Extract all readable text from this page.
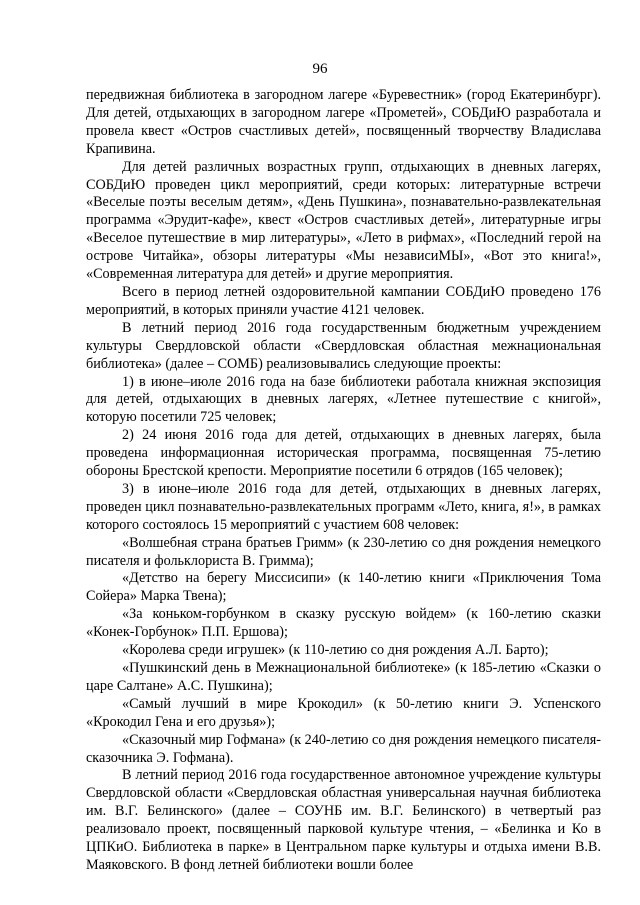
96

передвижная библиотека в загородном лагере «Буревестник» (город Екатеринбург). Для детей, отдыхающих в загородном лагере «Прометей», СОБДиЮ разработала и провела квест «Остров счастливых детей», посвященный творчеству Владислава Крапивина.

Для детей различных возрастных групп, отдыхающих в дневных лагерях, СОБДиЮ проведен цикл мероприятий, среди которых: литературные встречи «Веселые поэты веселым детям», «День Пушкина», познавательно-развлекательная программа «Эрудит-кафе», квест «Остров счастливых детей», литературные игры «Веселое путешествие в мир литературы», «Лето в рифмах», «Последний герой на острове Читайка», обзоры литературы «Мы независиМЫ», «Вот это книга!», «Современная литература для детей» и другие мероприятия.

Всего в период летней оздоровительной кампании СОБДиЮ проведено 176 мероприятий, в которых приняли участие 4121 человек.

В летний период 2016 года государственным бюджетным учреждением культуры Свердловской области «Свердловская областная межнациональная библиотека» (далее – СОМБ) реализовывались следующие проекты:

1) в июне–июле 2016 года на базе библиотеки работала книжная экспозиция для детей, отдыхающих в дневных лагерях, «Летнее путешествие с книгой», которую посетили 725 человек;

2) 24 июня 2016 года для детей, отдыхающих в дневных лагерях, была проведена информационная историческая программа, посвященная 75-летию обороны Брестской крепости. Мероприятие посетили 6 отрядов (165 человек);

3) в июне–июле 2016 года для детей, отдыхающих в дневных лагерях, проведен цикл познавательно-развлекательных программ «Лето, книга, я!», в рамках которого состоялось 15 мероприятий с участием 608 человек:

«Волшебная страна братьев Гримм» (к 230-летию со дня рождения немецкого писателя и фольклориста В. Гримма);

«Детство на берегу Миссисипи» (к 140-летию книги «Приключения Тома Сойера» Марка Твена);

«За коньком-горбунком в сказку русскую войдем» (к 160-летию сказки «Конек-Горбунок» П.П. Ершова);

«Королева среди игрушек» (к 110-летию со дня рождения А.Л. Барто);

«Пушкинский день в Межнациональной библиотеке» (к 185-летию «Сказки о царе Салтане» А.С. Пушкина);

«Самый лучший в мире Крокодил» (к 50-летию книги Э. Успенского «Крокодил Гена и его друзья»);

«Сказочный мир Гофмана» (к 240-летию со дня рождения немецкого писателя-сказочника Э. Гофмана).

В летний период 2016 года государственное автономное учреждение культуры Свердловской области «Свердловская областная универсальная научная библиотека им. В.Г. Белинского» (далее – СОУНБ им. В.Г. Белинского) в четвертый раз реализовало проект, посвященный парковой культуре чтения, – «Белинка и Ко в ЦПКиО. Библиотека в парке» в Центральном парке культуры и отдыха имени В.В. Маяковского. В фонд летней библиотеки вошли более
